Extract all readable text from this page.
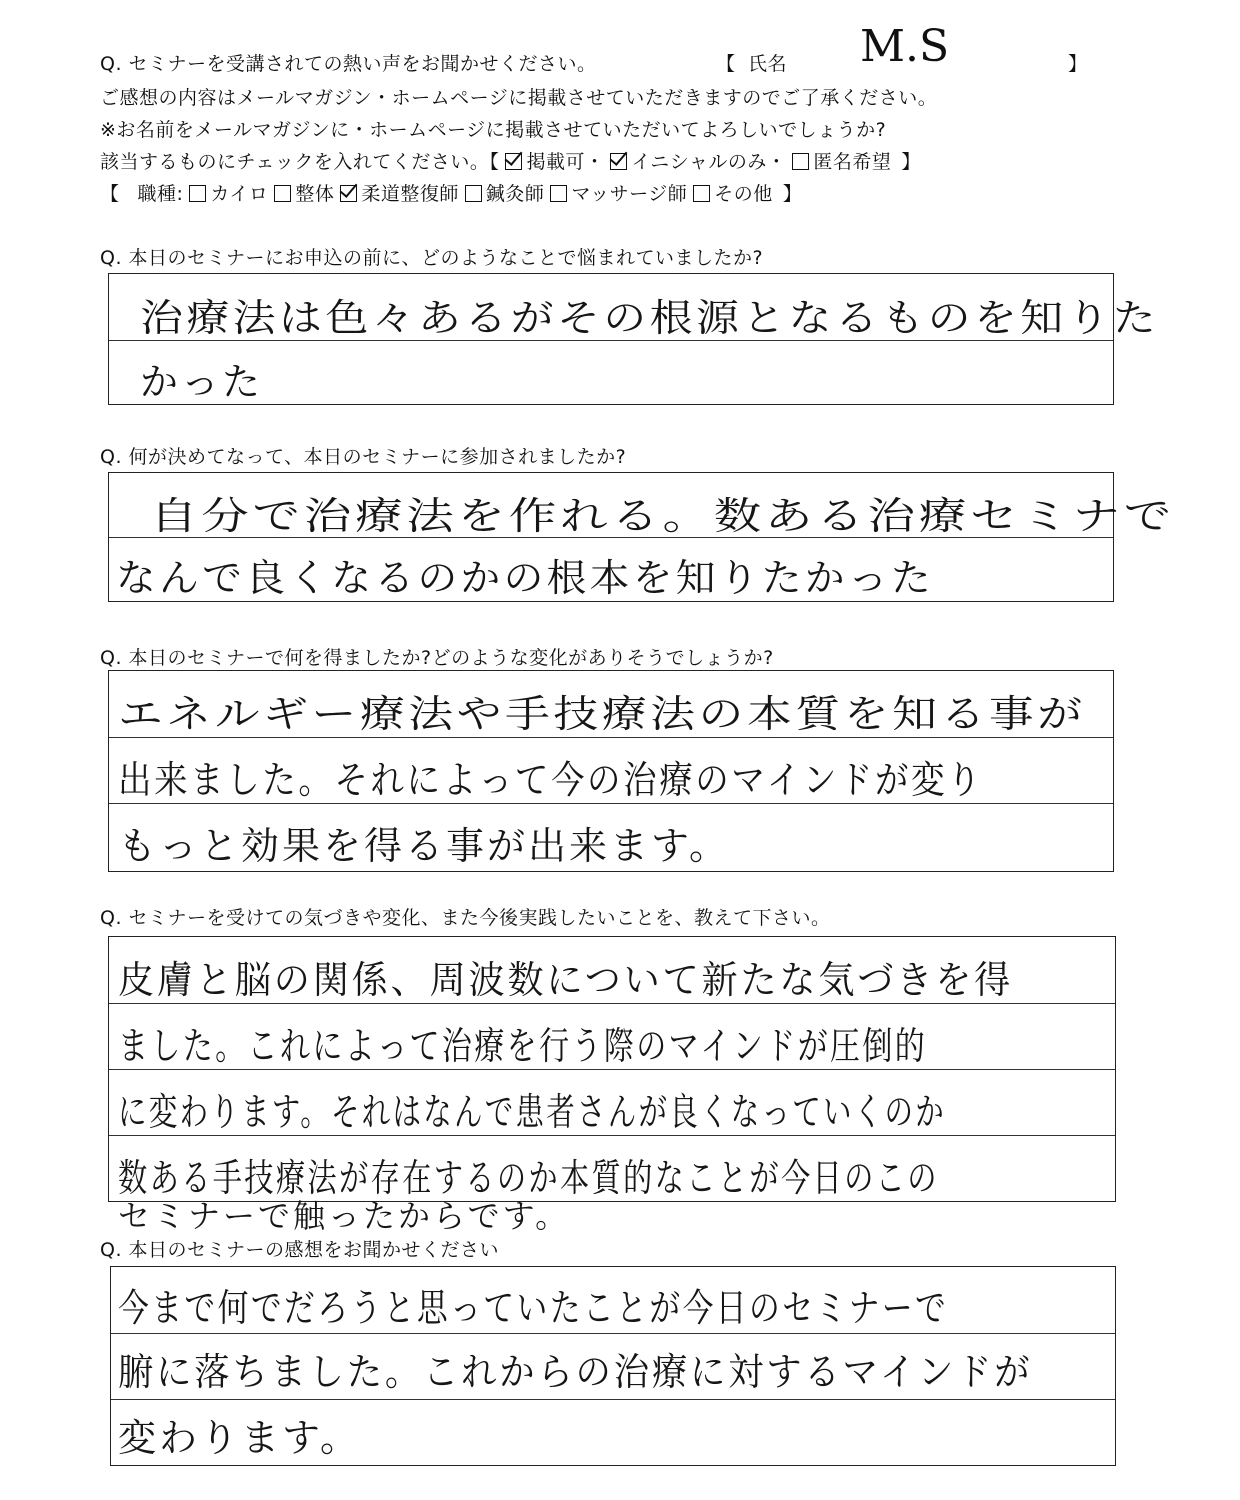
Q. セミナーを受講されての熱い声をお聞かせください。	【 氏名 M.S	】
ご感想の内容はメールマガジン・ホームページに掲載させていただきますのでご了承ください。
※お名前をメールマガジンに・ホームページに掲載させていただいてよろしいでしょうか?
該当するものにチェックを入れてください。【 掲載可・ イニシャルのみ・ 匿名希望 】
【 職種: カイロ 整体 柔道整復師 鍼灸師 マッサージ師 その他 】
Q. 本日のセミナーにお申込の前に、どのようなことで悩まれていましたか?
治療法は色々あるがその根源となるものを知りた
かった
Q. 何が決めてなって、本日のセミナーに参加されましたか?
自分で治療法を作れる。数ある治療セミナで
なんで良くなるのかの根本を知りたかった
Q. 本日のセミナーで何を得ましたか?どのような変化がありそうでしょうか?
エネルギー療法や手技療法の本質を知る事が
出来ました。それによって今の治療のマインドが変り
もっと効果を得る事が出来ます。
Q. セミナーを受けての気づきや変化、また今後実践したいことを、教えて下さい。
皮膚と脳の関係、周波数について新たな気づきを得
ました。これによって治療を行う際のマインドが圧倒的
に変わります。それはなんで患者さんが良くなっていくのか
数ある手技療法が存在するのか本質的なことが今日のこの
セミナーで触ったからです。
Q. 本日のセミナーの感想をお聞かせください
今まで何でだろうと思っていたことが今日のセミナーで
腑に落ちました。これからの治療に対するマインドが
変わります。
